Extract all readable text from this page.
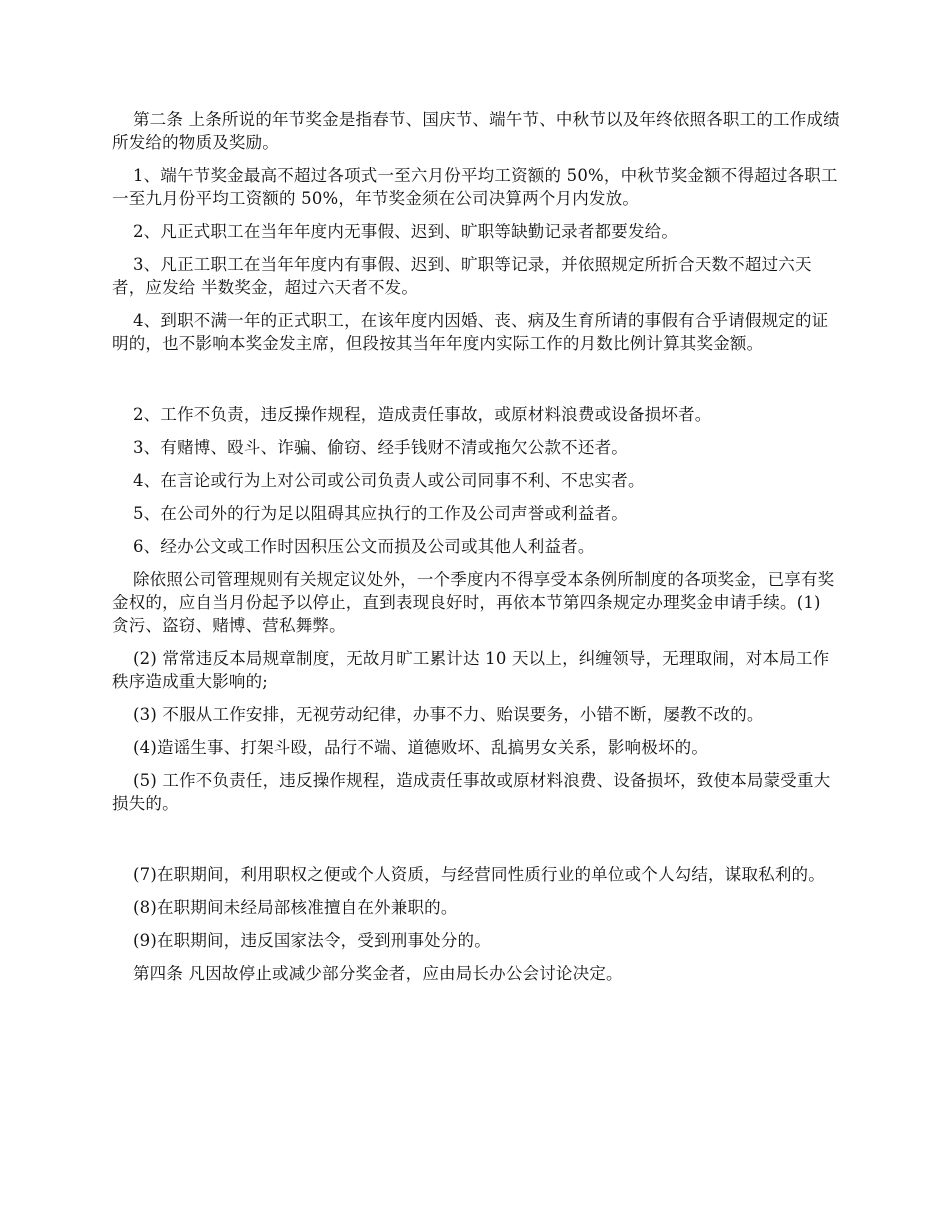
第二条 上条所说的年节奖金是指春节、国庆节、端午节、中秋节以及年终依照各职工的工作成绩所发给的物质及奖励。

1、端午节奖金最高不超过各项式一至六月份平均工资额的 50%，中秋节奖金额不得超过各职工一至九月份平均工资额的 50%，年节奖金须在公司决算两个月内发放。

2、凡正式职工在当年年度内无事假、迟到、旷职等缺勤记录者都要发给。

3、凡正工职工在当年年度内有事假、迟到、旷职等记录，并依照规定所折合天数不超过六天者，应发给 半数奖金，超过六天者不发。

4、到职不满一年的正式职工，在该年度内因婚、丧、病及生育所请的事假有合乎请假规定的证明的，也不影响本奖金发主席，但段按其当年年度内实际工作的月数比例计算其奖金额。

2、工作不负责，违反操作规程，造成责任事故，或原材料浪费或设备损坏者。

3、有赌博、殴斗、诈骗、偷窃、经手钱财不清或拖欠公款不还者。

4、在言论或行为上对公司或公司负责人或公司同事不利、不忠实者。

5、在公司外的行为足以阻碍其应执行的工作及公司声誉或利益者。

6、经办公文或工作时因积压公文而损及公司或其他人利益者。

除依照公司管理规则有关规定议处外，一个季度内不得享受本条例所制度的各项奖金，已享有奖金权的，应自当月份起予以停止，直到表现良好时，再依本节第四条规定办理奖金申请手续。(1) 贪污、盗窃、赌博、营私舞弊。

(2) 常常违反本局规章制度，无故月旷工累计达 10 天以上，纠缠领导，无理取闹，对本局工作秩序造成重大影响的;

(3) 不服从工作安排，无视劳动纪律，办事不力、贻误要务，小错不断，屡教不改的。

(4)造谣生事、打架斗殴，品行不端、道德败坏、乱搞男女关系，影响极坏的。

(5) 工作不负责任，违反操作规程，造成责任事故或原材料浪费、设备损坏，致使本局蒙受重大损失的。

(7)在职期间，利用职权之便或个人资质，与经营同性质行业的单位或个人勾结，谋取私利的。

(8)在职期间未经局部核准擅自在外兼职的。

(9)在职期间，违反国家法令，受到刑事处分的。

第四条 凡因故停止或减少部分奖金者，应由局长办公会讨论决定。
